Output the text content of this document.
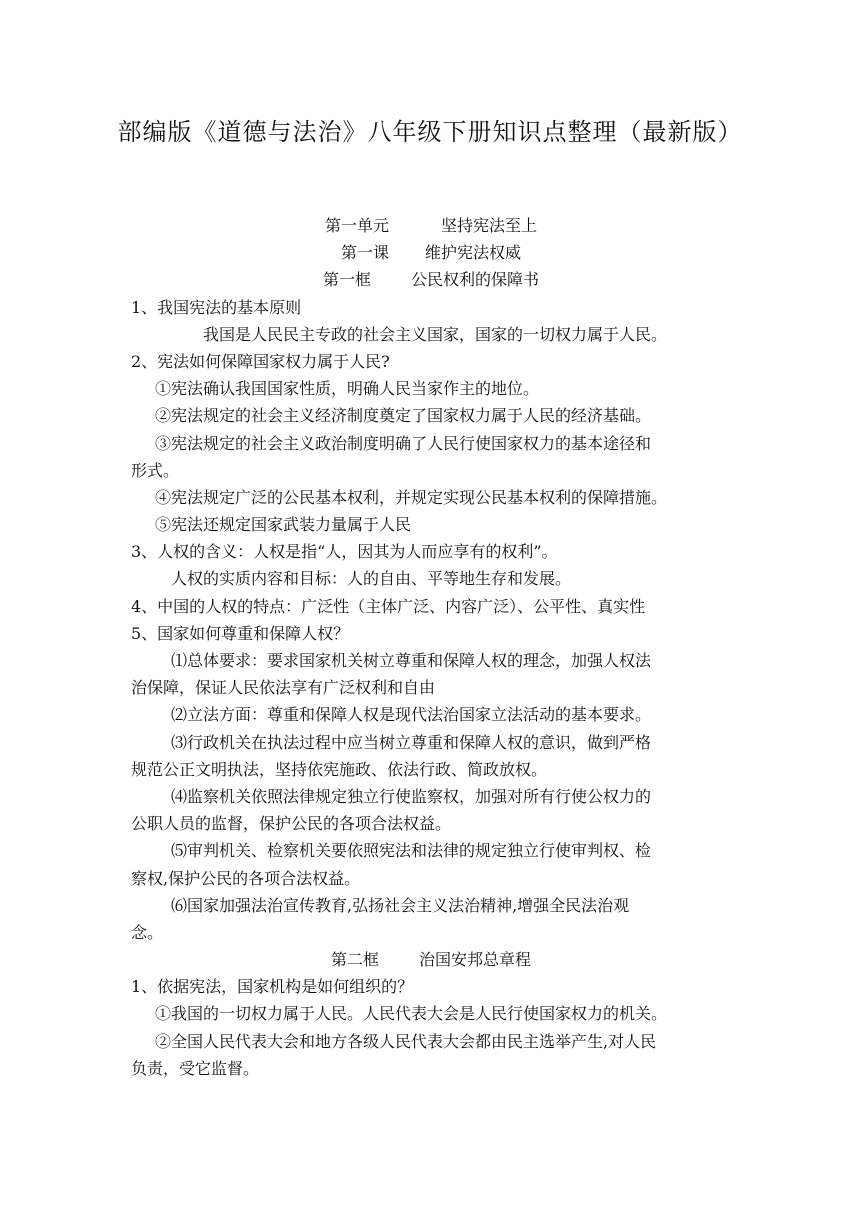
部编版《道德与法治》八年级下册知识点整理（最新版）
第一单元	坚持宪法至上
第一课 维护宪法权威
第一框	公民权利的保障书
1、我国宪法的基本原则
我国是人民民主专政的社会主义国家，国家的一切权力属于人民。
2、宪法如何保障国家权力属于人民?
①宪法确认我国国家性质，明确人民当家作主的地位。
②宪法规定的社会主义经济制度奠定了国家权力属于人民的经济基础。
③宪法规定的社会主义政治制度明确了人民行使国家权力的基本途径和
形式。
④宪法规定广泛的公民基本权利，并规定实现公民基本权利的保障措施。
⑤宪法还规定国家武装力量属于人民
3、人权的含义：人权是指“人，因其为人而应享有的权利”。
人权的实质内容和目标：人的自由、平等地生存和发展。
4、中国的人权的特点：广泛性（主体广泛、内容广泛）、公平性、真实性
5、国家如何尊重和保障人权？
⑴总体要求：要求国家机关树立尊重和保障人权的理念，加强人权法
治保障，保证人民依法享有广泛权利和自由
⑵立法方面：尊重和保障人权是现代法治国家立法活动的基本要求。
⑶行政机关在执法过程中应当树立尊重和保障人权的意识，做到严格
规范公正文明执法，坚持依宪施政、依法行政、简政放权。
⑷监察机关依照法律规定独立行使监察权，加强对所有行使公权力的
公职人员的监督，保护公民的各项合法权益。
⑸审判机关、检察机关要依照宪法和法律的规定独立行使审判权、检
察权,保护公民的各项合法权益。
⑹国家加强法治宣传教育,弘扬社会主义法治精神,增强全民法治观
念。
第二框	治国安邦总章程
1、依据宪法，国家机构是如何组织的？
①我国的一切权力属于人民。人民代表大会是人民行使国家权力的机关。
②全国人民代表大会和地方各级人民代表大会都由民主选举产生,对人民
负责，受它监督。
